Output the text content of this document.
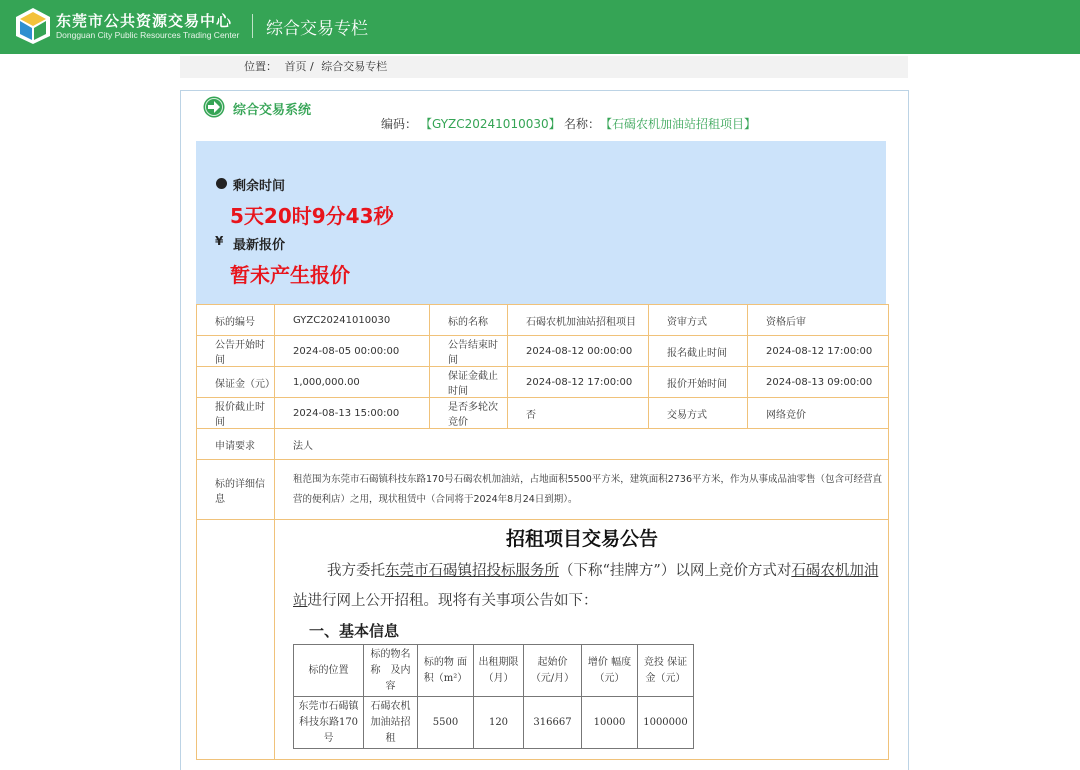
东莞市公共资源交易中心
Dongguan City Public Resources Trading Center 综合交易专栏
位置： 首页 / 综合交易专栏
综合交易系统
编码： 【GYZC20241010030】 名称： 【石碣农机加油站招租项目】
剩余时间
5天20时9分43秒
¥ 最新报价
暂未产生报价
标的编号	GYZC20241010030	标的名称	石碣农机加油站招租项目	资审方式	资格后审
公告开始时间	2024-08-05 00:00:00	公告结束时间	2024-08-12 00:00:00	报名截止时间	2024-08-12 17:00:00
保证金（元）	1,000,000.00	保证金截止时间	2024-08-12 17:00:00	报价开始时间	2024-08-13 09:00:00
报价截止时间	2024-08-13 15:00:00	是否多轮次竞价	否	交易方式	网络竞价
申请要求	法人
标的详细信息	租范围为东莞市石碣镇科技东路170号石碣农机加油站，占地面积5500平方米，建筑面积2736平方米，作为从事成品油零售（包含可经营直营的便利店）之用，现状租赁中（合同将于2024年8月24日到期）。

招租项目交易公告
我方委托东莞市石碣镇招投标服务所（下称“挂牌方”）以网上竞价方式对石碣农机加油站进行网上公开招租。现将有关事项公告如下：
一、基本信息
标的位置	标的物名称　及内容	标的物 面 积（m²）	出租期限（月）	起始价（元/月）	增价 幅度（元）	竞投 保证金（元）
东莞市石碣镇科技东路170号	石碣农机加油站招租	5500	120	316667	10000	1000000
